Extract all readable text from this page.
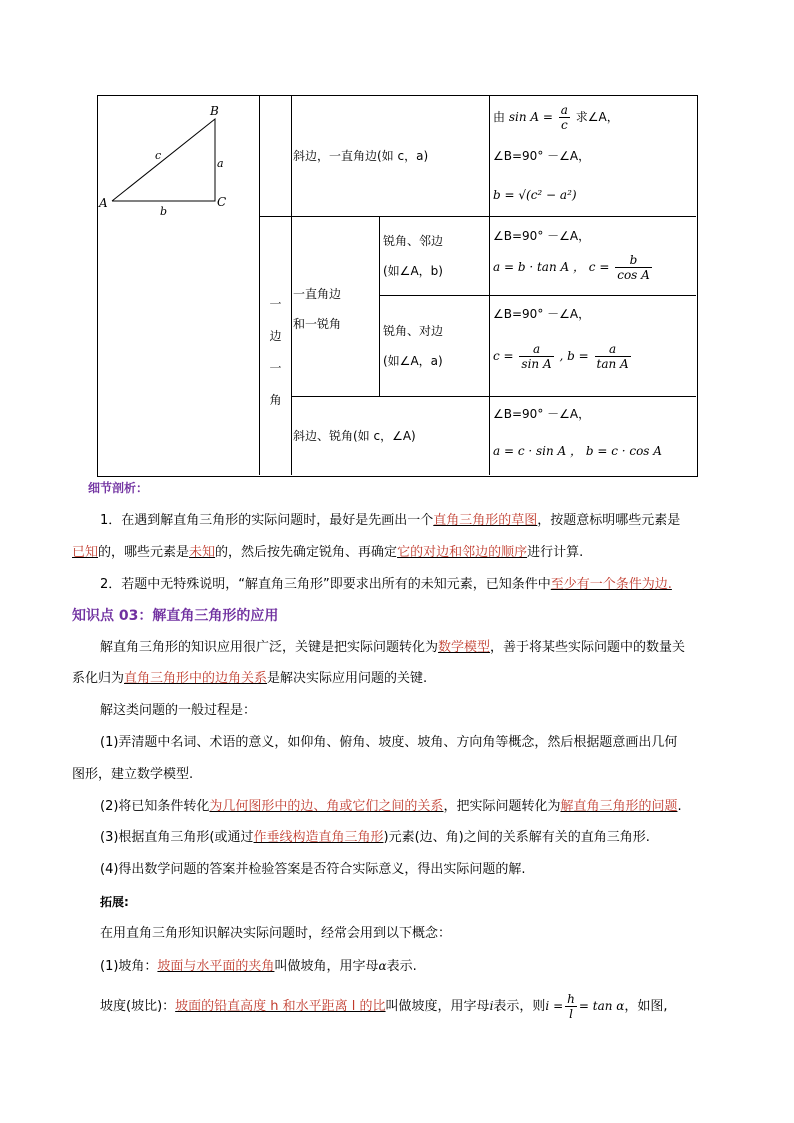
B
A	C
c
a
b
一
边
一
角
斜边，一直角边(如 c，a)
由 $\sin A = \frac{a}{c}$ 求∠A，
∠B=90° －∠A，
b = √(c² − a²)
一直角边
和一锐角
锐角、邻边
(如∠A，b)
∠B=90° －∠A，
a = b · tan A ， $c = \frac{b}{\text{cos A}}$
锐角、对边
(如∠A，a)
∠B=90° －∠A，
$c = \frac{a}{\text{sin A}}$ , $b = \frac{a}{\text{tan A}}$
斜边、锐角(如 c，∠A)
∠B=90° －∠A，
a = c · sin A ， b = c · cos A
细节剖析：
1．在遇到解直角三角形的实际问题时，最好是先画出一个直角三角形的草图，按题意标明哪些元素是
已知的，哪些元素是未知的，然后按先确定锐角、再确定它的对边和邻边的顺序进行计算.
2．若题中无特殊说明，“解直角三角形”即要求出所有的未知元素，已知条件中至少有一个条件为边.
知识点 03：解直角三角形的应用
解直角三角形的知识应用很广泛，关键是把实际问题转化为数学模型，善于将某些实际问题中的数量关
系化归为直角三角形中的边角关系是解决实际应用问题的关键.
解这类问题的一般过程是：
(1)弄清题中名词、术语的意义，如仰角、俯角、坡度、坡角、方向角等概念，然后根据题意画出几何
图形，建立数学模型.
(2)将已知条件转化为几何图形中的边、角或它们之间的关系，把实际问题转化为解直角三角形的问题.
(3)根据直角三角形(或通过作垂线构造直角三角形)元素(边、角)之间的关系解有关的直角三角形.
(4)得出数学问题的答案并检验答案是否符合实际意义，得出实际问题的解.
拓展:
在用直角三角形知识解决实际问题时，经常会用到以下概念：
(1)坡角：坡面与水平面的夹角叫做坡角，用字母α表示.
坡度(坡比)：坡面的铅直高度 h 和水平距离 l 的比叫做坡度，用字母i表示，则$i = \frac{h}{l} = \tan \alpha$，如图,
